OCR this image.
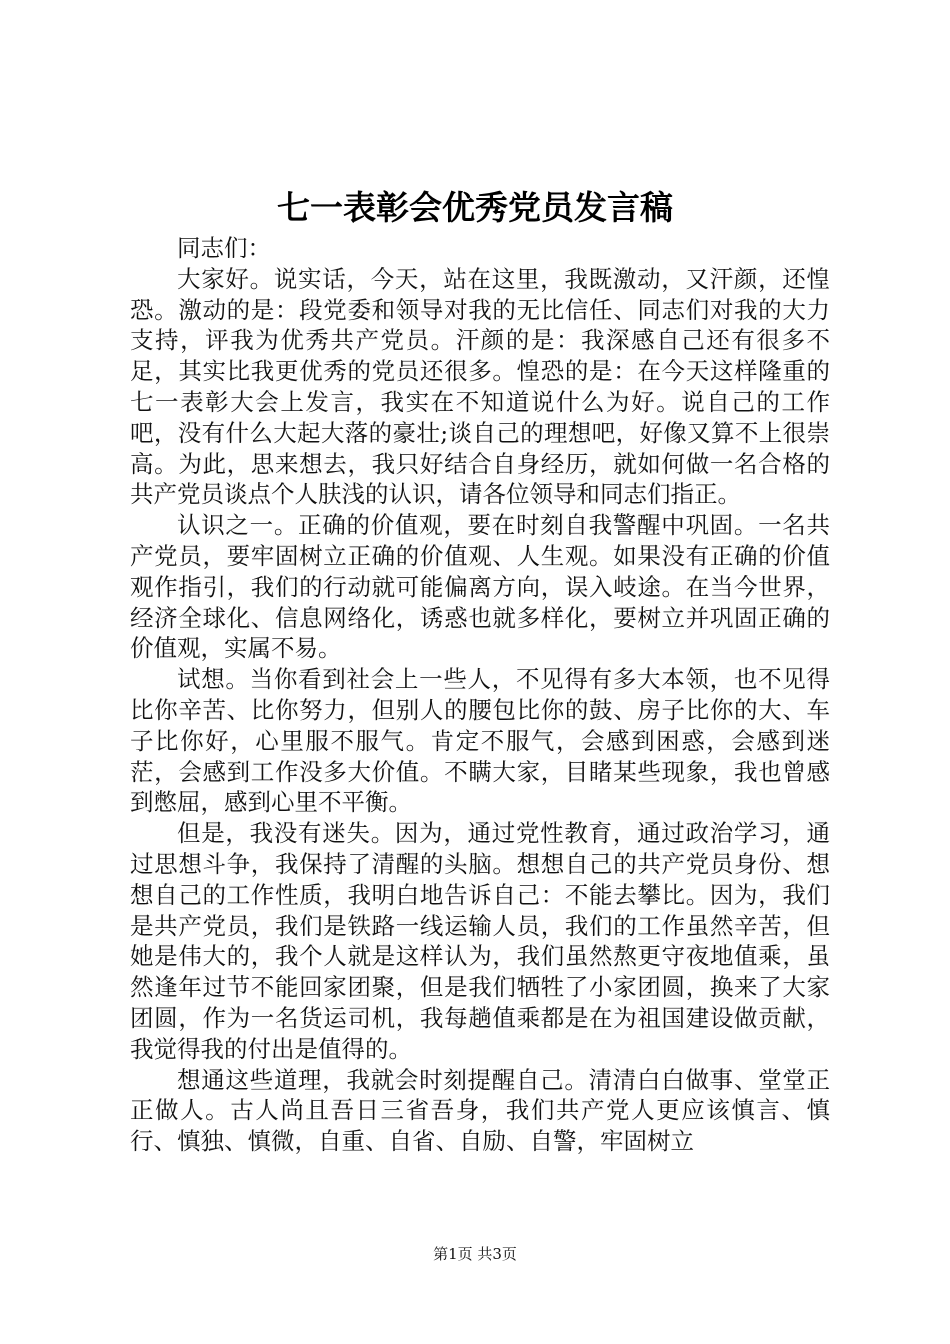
七一表彰会优秀党员发言稿

同志们：

大家好。说实话，今天，站在这里，我既激动，又汗颜，还惶恐。激动的是：段党委和领导对我的无比信任、同志们对我的大力支持，评我为优秀共产党员。汗颜的是：我深感自己还有很多不足，其实比我更优秀的党员还很多。惶恐的是：在今天这样隆重的七一表彰大会上发言，我实在不知道说什么为好。说自己的工作吧，没有什么大起大落的豪壮;谈自己的理想吧，好像又算不上很崇高。为此，思来想去，我只好结合自身经历，就如何做一名合格的共产党员谈点个人肤浅的认识，请各位领导和同志们指正。

认识之一。正确的价值观，要在时刻自我警醒中巩固。一名共产党员，要牢固树立正确的价值观、人生观。如果没有正确的价值观作指引，我们的行动就可能偏离方向，误入岐途。在当今世界，经济全球化、信息网络化，诱惑也就多样化，要树立并巩固正确的价值观，实属不易。

试想。当你看到社会上一些人，不见得有多大本领，也不见得比你辛苦、比你努力，但别人的腰包比你的鼓、房子比你的大、车子比你好，心里服不服气。肯定不服气，会感到困惑，会感到迷茫，会感到工作没多大价值。不瞒大家，目睹某些现象，我也曾感到憋屈，感到心里不平衡。

但是，我没有迷失。因为，通过党性教育，通过政治学习，通过思想斗争，我保持了清醒的头脑。想想自己的共产党员身份、想想自己的工作性质，我明白地告诉自己：不能去攀比。因为，我们是共产党员，我们是铁路一线运输人员，我们的工作虽然辛苦，但她是伟大的，我个人就是这样认为，我们虽然熬更守夜地值乘，虽然逢年过节不能回家团聚，但是我们牺牲了小家团圆，换来了大家团圆，作为一名货运司机，我每趟值乘都是在为祖国建设做贡献，我觉得我的付出是值得的。

想通这些道理，我就会时刻提醒自己。清清白白做事、堂堂正正做人。古人尚且吾日三省吾身，我们共产党人更应该慎言、慎行、慎独、慎微，自重、自省、自励、自警，牢固树立

第1页 共3页
